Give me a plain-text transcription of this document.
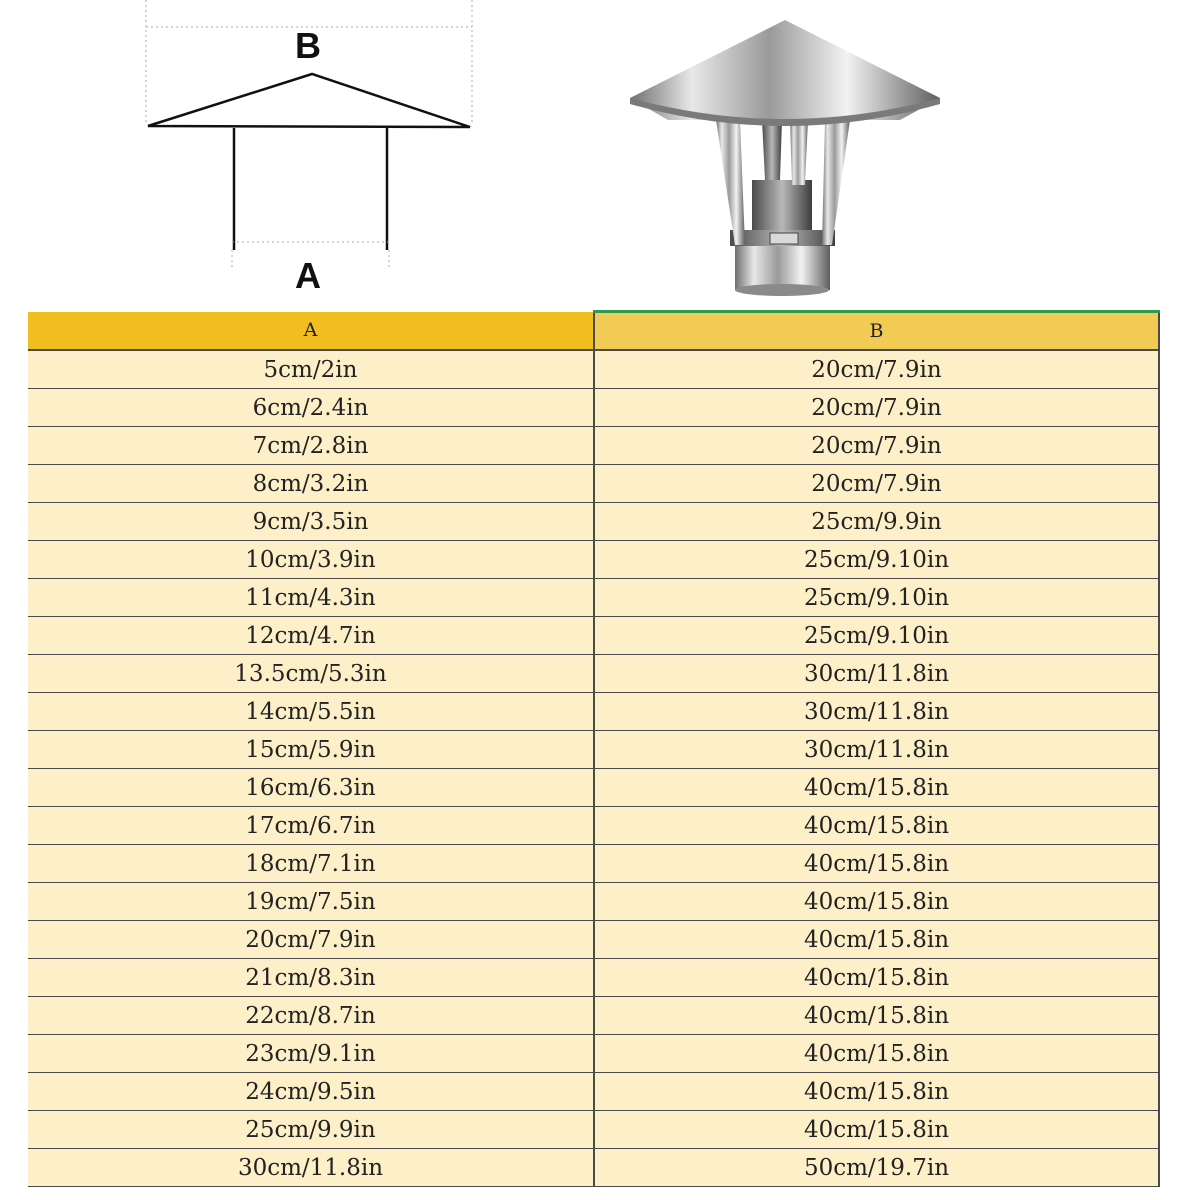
B
A
A	B
5cm/2in	20cm/7.9in
6cm/2.4in	20cm/7.9in
7cm/2.8in	20cm/7.9in
8cm/3.2in	20cm/7.9in
9cm/3.5in	25cm/9.9in
10cm/3.9in	25cm/9.10in
11cm/4.3in	25cm/9.10in
12cm/4.7in	25cm/9.10in
13.5cm/5.3in	30cm/11.8in
14cm/5.5in	30cm/11.8in
15cm/5.9in	30cm/11.8in
16cm/6.3in	40cm/15.8in
17cm/6.7in	40cm/15.8in
18cm/7.1in	40cm/15.8in
19cm/7.5in	40cm/15.8in
20cm/7.9in	40cm/15.8in
21cm/8.3in	40cm/15.8in
22cm/8.7in	40cm/15.8in
23cm/9.1in	40cm/15.8in
24cm/9.5in	40cm/15.8in
25cm/9.9in	40cm/15.8in
30cm/11.8in	50cm/19.7in
